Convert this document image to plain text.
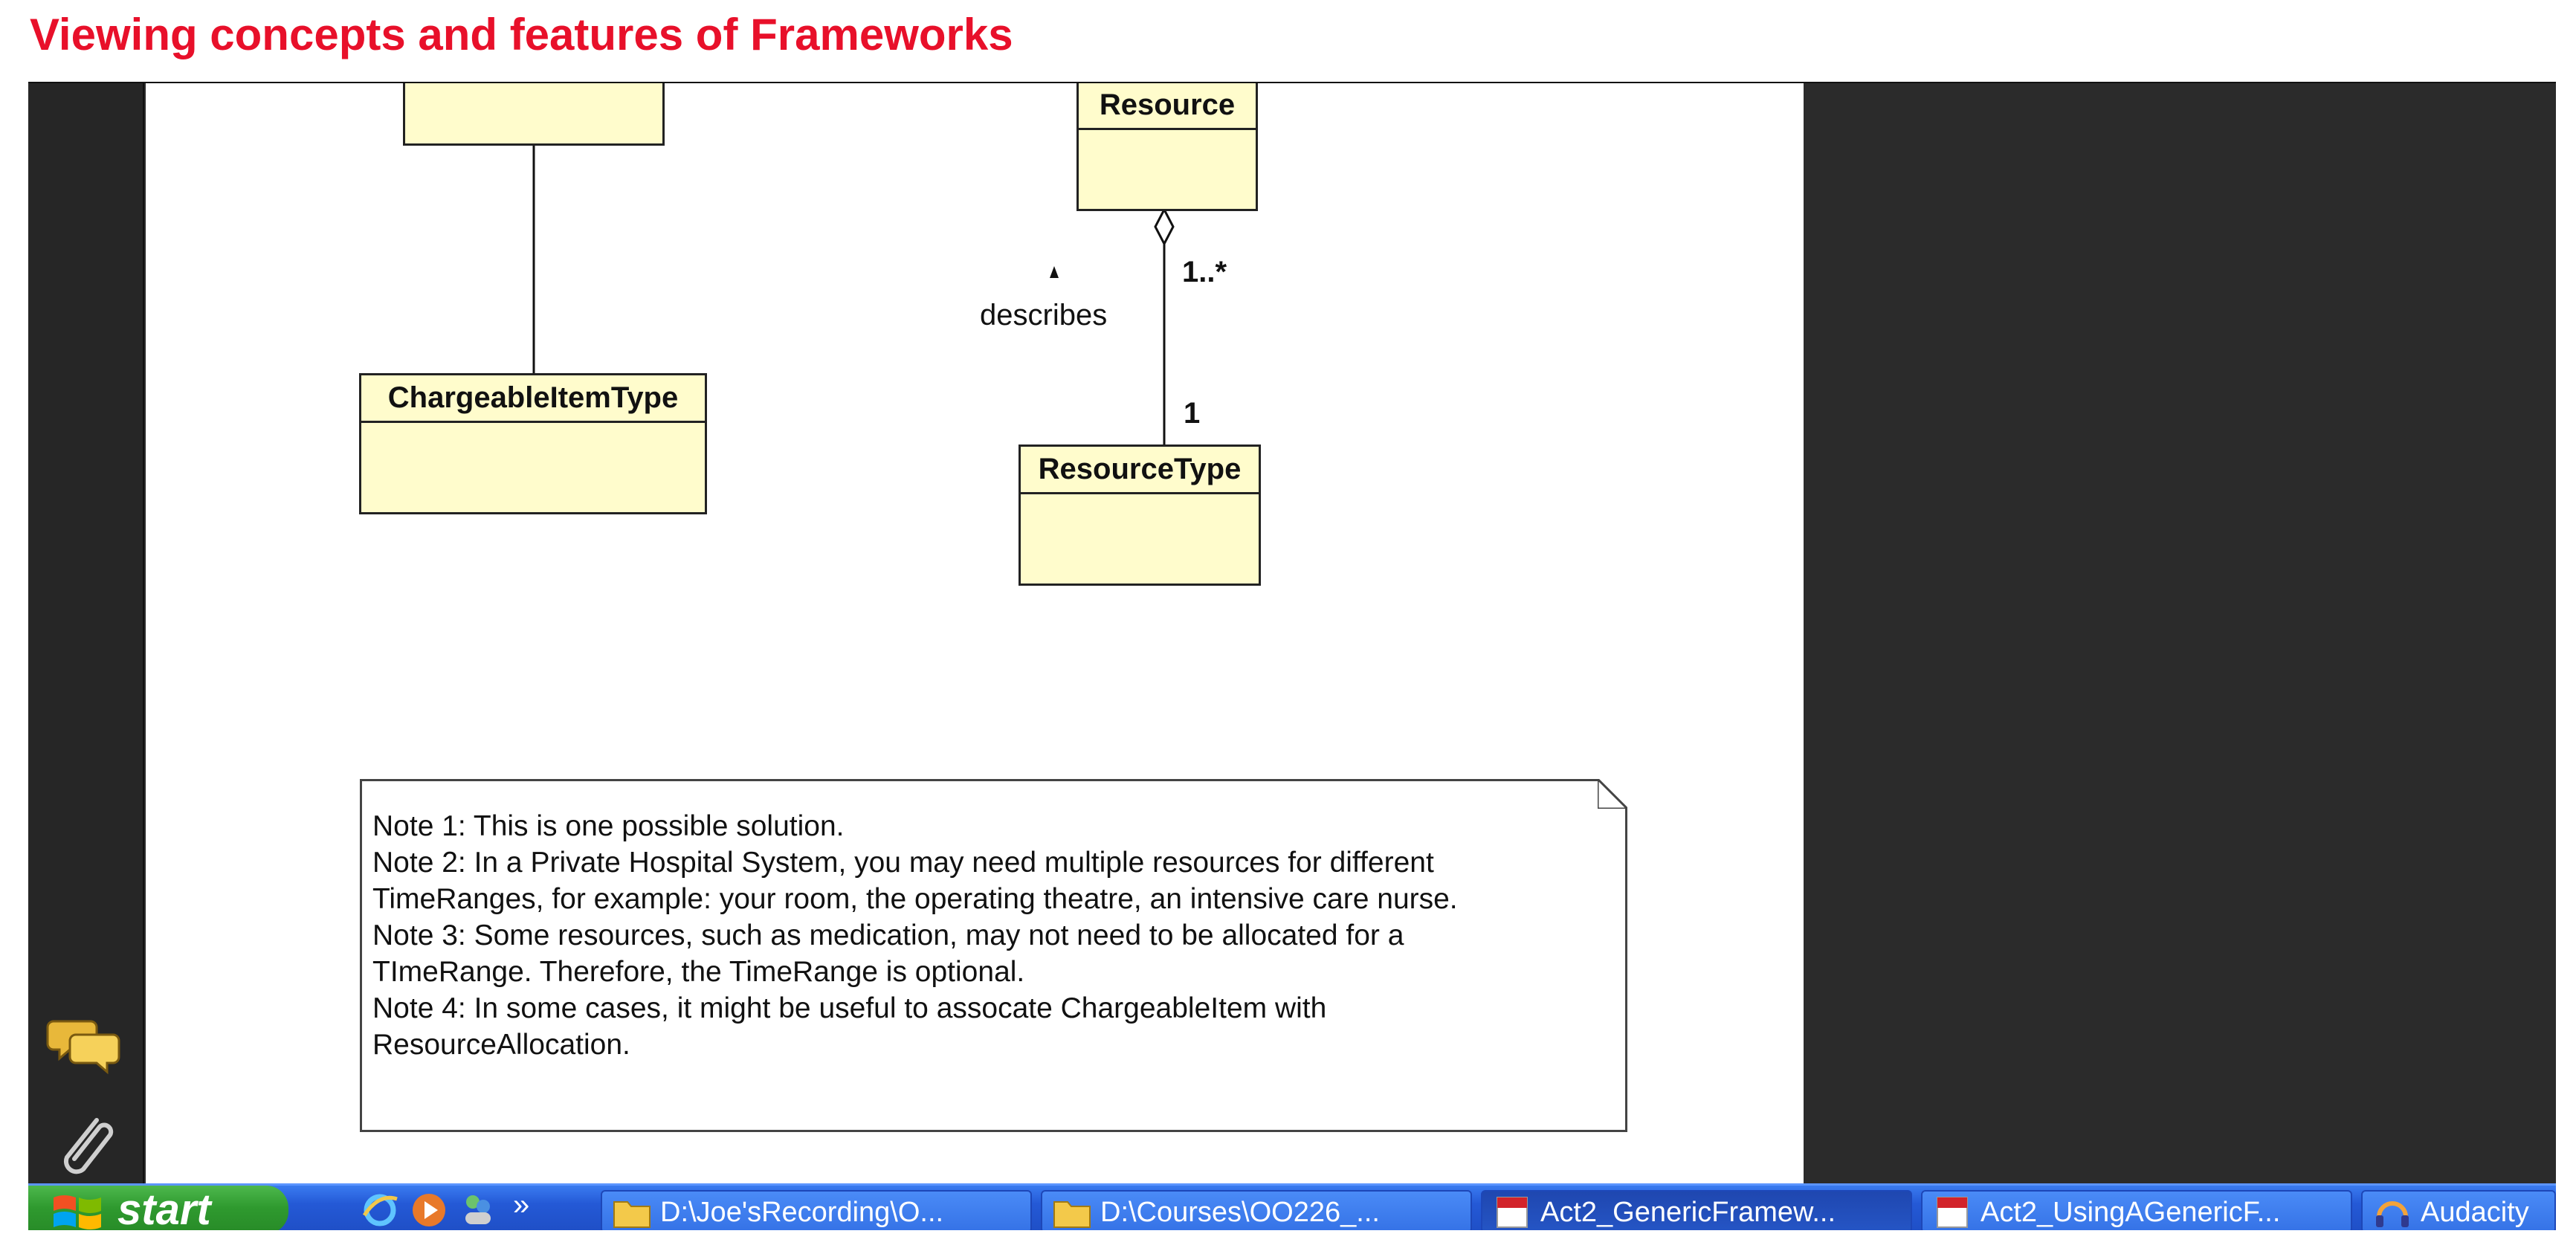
Viewing concepts and features of Frameworks
Resource
ChargeableItemType
ResourceType
1..*
1
describes
Note 1: This is one possible solution.
Note 2: In a Private Hospital System, you may need multiple resources for different
TimeRanges, for example: your room, the operating theatre, an intensive care nurse.
Note 3: Some resources, such as medication, may not need to be allocated for a
TImeRange. Therefore, the TimeRange is optional.
Note 4: In some cases, it might be useful to assocate ChargeableItem with
ResourceAllocation.
start	»	D:\Joe'sRecording\O...	D:\Courses\OO226_...	Act2_GenericFramew...	Act2_UsingAGenericF...	Audacity
